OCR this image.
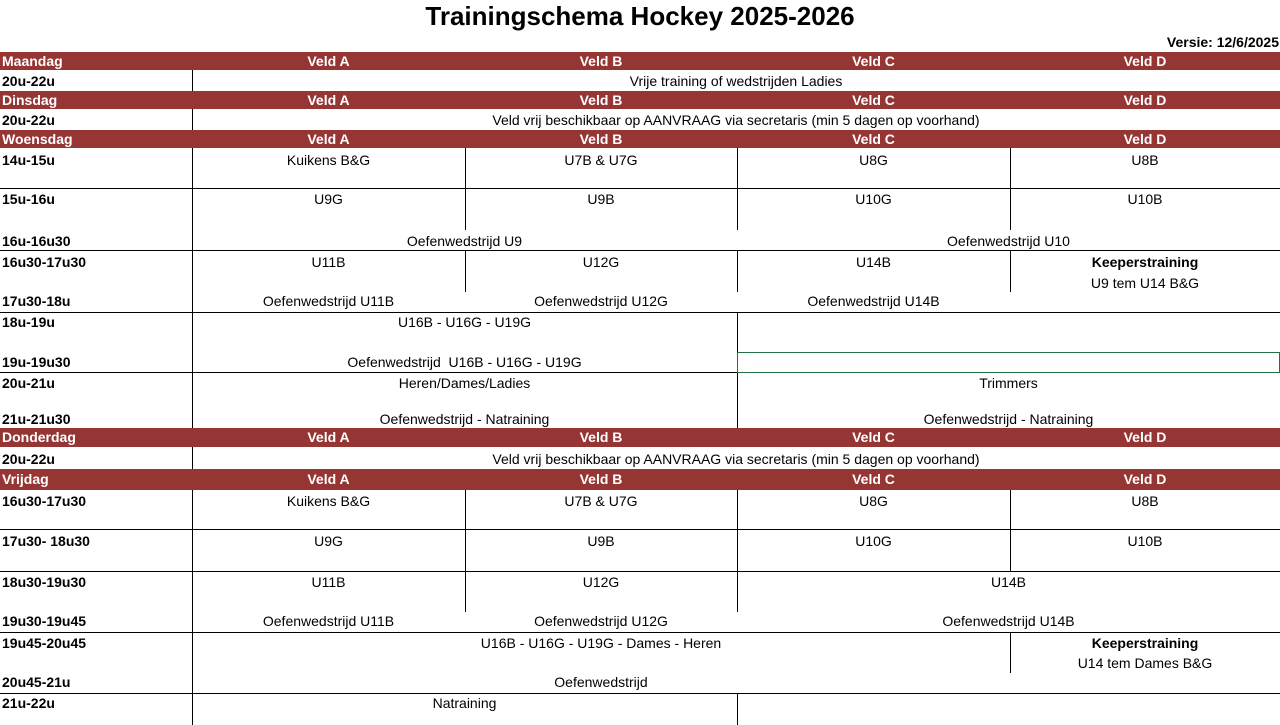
Trainingschema Hockey 2025-2026
Versie: 12/6/2025
Maandag	Veld A	Veld B	Veld C	Veld D
20u-22u	Vrije training of wedstrijden Ladies
Dinsdag	Veld A	Veld B	Veld C	Veld D
20u-22u	Veld vrij beschikbaar op AANVRAAG via secretaris (min 5 dagen op voorhand)
Woensdag	Veld A	Veld B	Veld C	Veld D
14u-15u	Kuikens B&G	U7B & U7G	U8G	U8B
15u-16u	U9G	U9B	U10G	U10B
16u-16u30	Oefenwedstrijd U9	Oefenwedstrijd U10
16u30-17u30	U11B	U12G	U14B	Keeperstraining
U9 tem U14 B&G
17u30-18u	Oefenwedstrijd U11B	Oefenwedstrijd U12G	Oefenwedstrijd U14B
18u-19u	U16B - U16G - U19G
19u-19u30	Oefenwedstrijd  U16B - U16G - U19G
20u-21u	Heren/Dames/Ladies	Trimmers
21u-21u30	Oefenwedstrijd - Natraining	Oefenwedstrijd - Natraining
Donderdag	Veld A	Veld B	Veld C	Veld D
20u-22u	Veld vrij beschikbaar op AANVRAAG via secretaris (min 5 dagen op voorhand)
Vrijdag	Veld A	Veld B	Veld C	Veld D
16u30-17u30	Kuikens B&G	U7B & U7G	U8G	U8B
17u30- 18u30	U9G	U9B	U10G	U10B
18u30-19u30	U11B	U12G	U14B
19u30-19u45	Oefenwedstrijd U11B	Oefenwedstrijd U12G	Oefenwedstrijd U14B
19u45-20u45	U16B - U16G - U19G - Dames - Heren	Keeperstraining
U14 tem Dames B&G
20u45-21u	Oefenwedstrijd
21u-22u	Natraining
